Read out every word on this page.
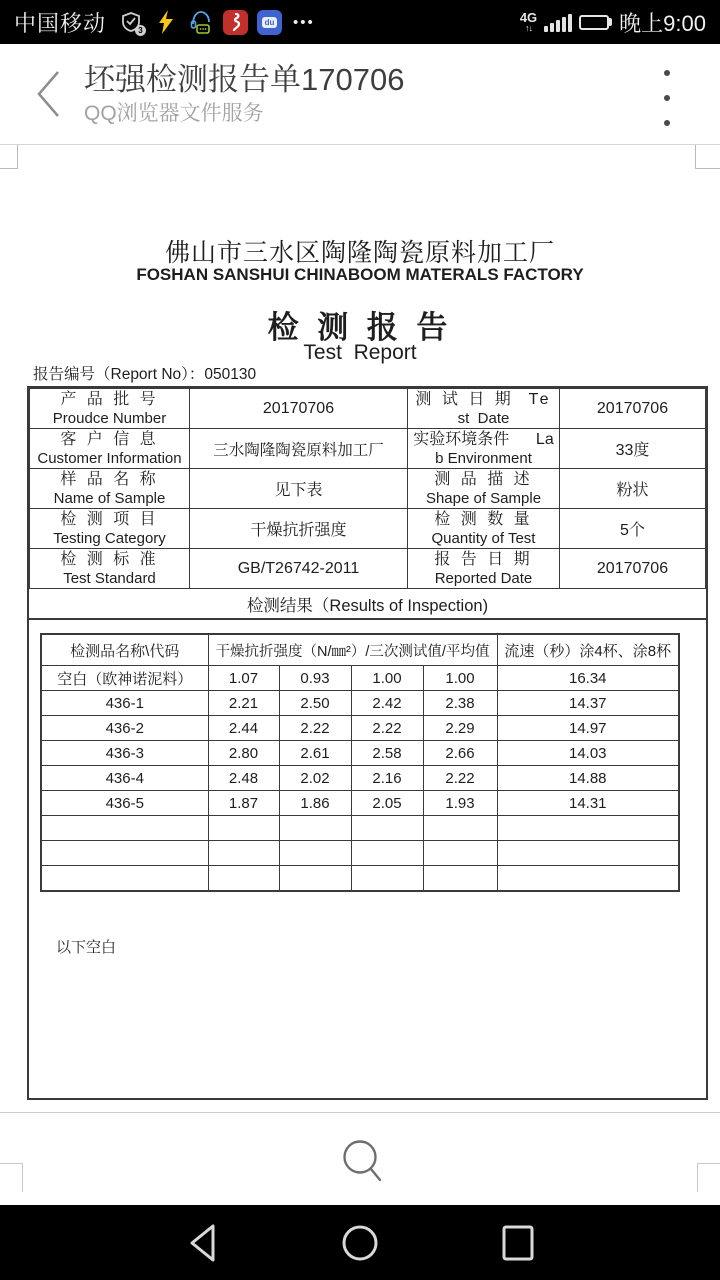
中国移动	3
du •••	4G
↑↓	晚上9:00
坯强检测报告单170706
QQ浏览器文件服务
佛山市三水区陶隆陶瓷原料加工厂
FOSHAN SANSHUI CHINABOOM MATERALS FACTORY
检 测 报 告
Test  Report
报告编号（Report No）：050130
产 品 批 号
Proudce Number
	20170706	
测 试 日 期  Te
st  Date
	20170706

客 户 信 息
Customer Information	三水陶隆陶瓷原料加工厂	
实验环境条件      La
b Environment	33度

样 品 名 称
Name of Sample	见下表	
测 品 描 述
Shape of Sample	粉状

检 测 项 目
Testing Category	干燥抗折强度	
检 测 数 量
Quantity of Test	5个

检 测 标 准
Test Standard
	GB/T26742-2011	
报 告 日 期
Reported Date
	20170706
检测结果（Results of Inspection)
检测品名称\代码	干燥抗折强度（N/㎜²）/三次测试值/平均值				流速（秒）涂4杯、涂8杯
空白（欧神诺泥料）	1.07	0.93	1.00	1.00	16.34
436-1	2.21	2.50	2.42	2.38	14.37
436-2	2.44	2.22	2.22	2.29	14.97
436-3	2.80	2.61	2.58	2.66	14.03
436-4	2.48	2.02	2.16	2.22	14.88
436-5	1.87	1.86	2.05	1.93	14.31

以下空白
